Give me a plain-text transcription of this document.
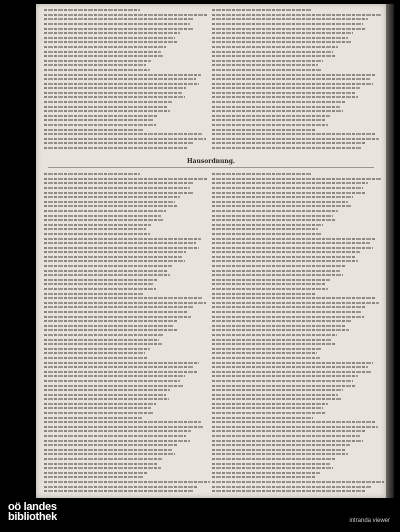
Hausordnung.
oö landes
bibliothek	intranda viewer
